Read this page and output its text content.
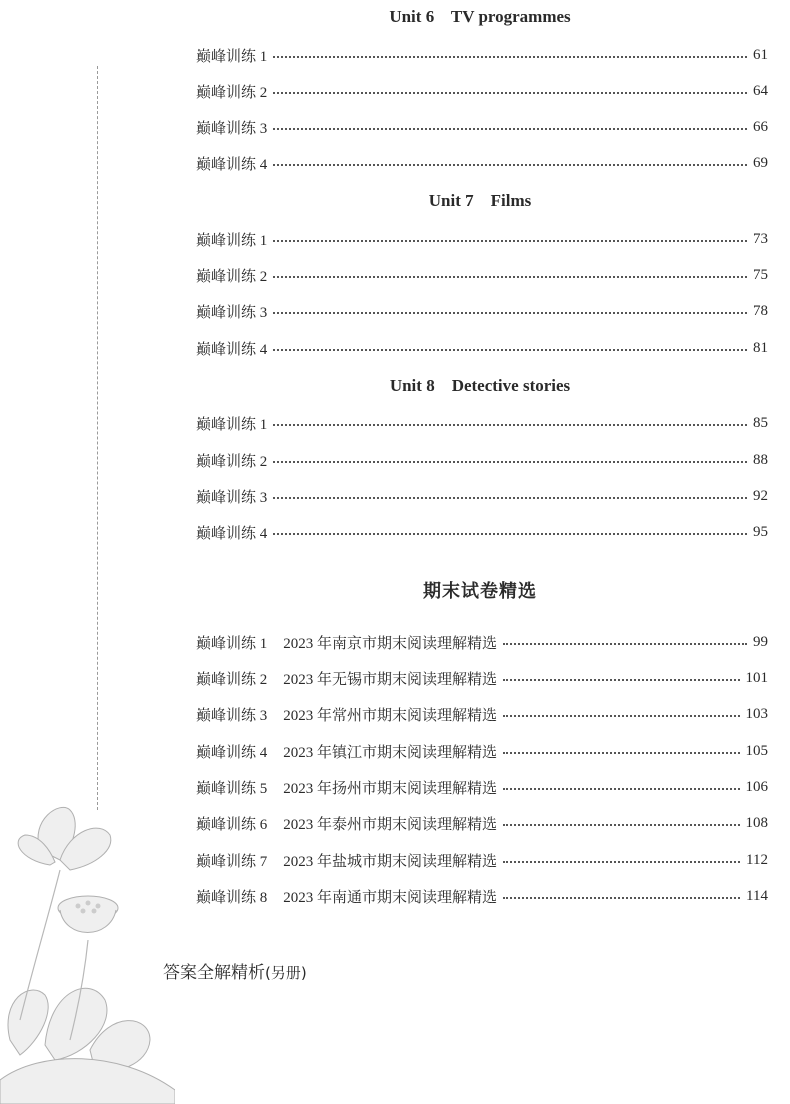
Unit 6    TV programmes
巅峰训练 1	61
巅峰训练 2	64
巅峰训练 3	66
巅峰训练 4	69
Unit 7    Films
巅峰训练 1	73
巅峰训练 2	75
巅峰训练 3	78
巅峰训练 4	81
Unit 8    Detective stories
巅峰训练 1	85
巅峰训练 2	88
巅峰训练 3	92
巅峰训练 4	95
期末试卷精选
巅峰训练 1 2023 年南京市期末阅读理解精选	99
巅峰训练 2 2023 年无锡市期末阅读理解精选	101
巅峰训练 3 2023 年常州市期末阅读理解精选	103
巅峰训练 4 2023 年镇江市期末阅读理解精选	105
巅峰训练 5 2023 年扬州市期末阅读理解精选	106
巅峰训练 6 2023 年泰州市期末阅读理解精选	108
巅峰训练 7 2023 年盐城市期末阅读理解精选	112
巅峰训练 8 2023 年南通市期末阅读理解精选	114
答案全解精析(另册)
